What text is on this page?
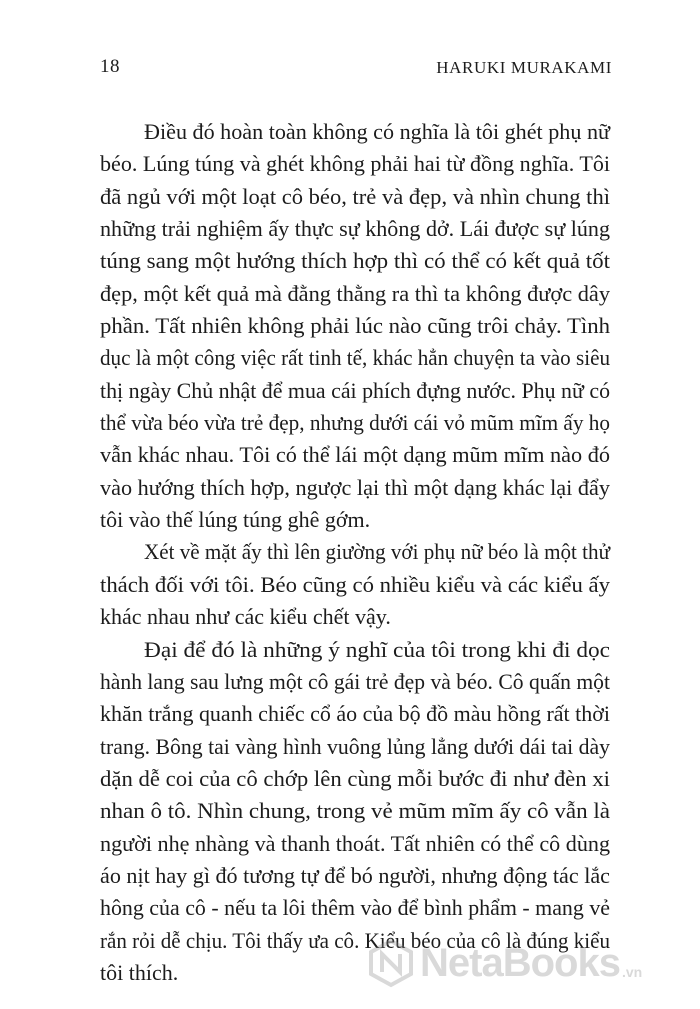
18	HARUKI MURAKAMI
Điều đó hoàn toàn không có nghĩa là tôi ghét phụ nữ
béo. Lúng túng và ghét không phải hai từ đồng nghĩa. Tôi
đã ngủ với một loạt cô béo, trẻ và đẹp, và nhìn chung thì
những trải nghiệm ấy thực sự không dở. Lái được sự lúng
túng sang một hướng thích hợp thì có thể có kết quả tốt
đẹp, một kết quả mà đằng thằng ra thì ta không được dây
phần. Tất nhiên không phải lúc nào cũng trôi chảy. Tình
dục là một công việc rất tinh tế, khác hẳn chuyện ta vào siêu
thị ngày Chủ nhật để mua cái phích đựng nước. Phụ nữ có
thể vừa béo vừa trẻ đẹp, nhưng dưới cái vỏ mũm mĩm ấy họ
vẫn khác nhau. Tôi có thể lái một dạng mũm mĩm nào đó
vào hướng thích hợp, ngược lại thì một dạng khác lại đẩy
tôi vào thế lúng túng ghê gớm.
Xét về mặt ấy thì lên giường với phụ nữ béo là một thử
thách đối với tôi. Béo cũng có nhiều kiểu và các kiểu ấy
khác nhau như các kiểu chết vậy.
Đại để đó là những ý nghĩ của tôi trong khi đi dọc
hành lang sau lưng một cô gái trẻ đẹp và béo. Cô quấn một
khăn trắng quanh chiếc cổ áo của bộ đồ màu hồng rất thời
trang. Bông tai vàng hình vuông lủng lẳng dưới dái tai dày
dặn dễ coi của cô chớp lên cùng mỗi bước đi như đèn xi
nhan ô tô. Nhìn chung, trong vẻ mũm mĩm ấy cô vẫn là
người nhẹ nhàng và thanh thoát. Tất nhiên có thể cô dùng
áo nịt hay gì đó tương tự để bó người, nhưng động tác lắc
hông của cô - nếu ta lôi thêm vào để bình phẩm - mang vẻ
rắn rỏi dễ chịu. Tôi thấy ưa cô. Kiểu béo của cô là đúng kiểu
tôi thích.	NetaBooks .vn
